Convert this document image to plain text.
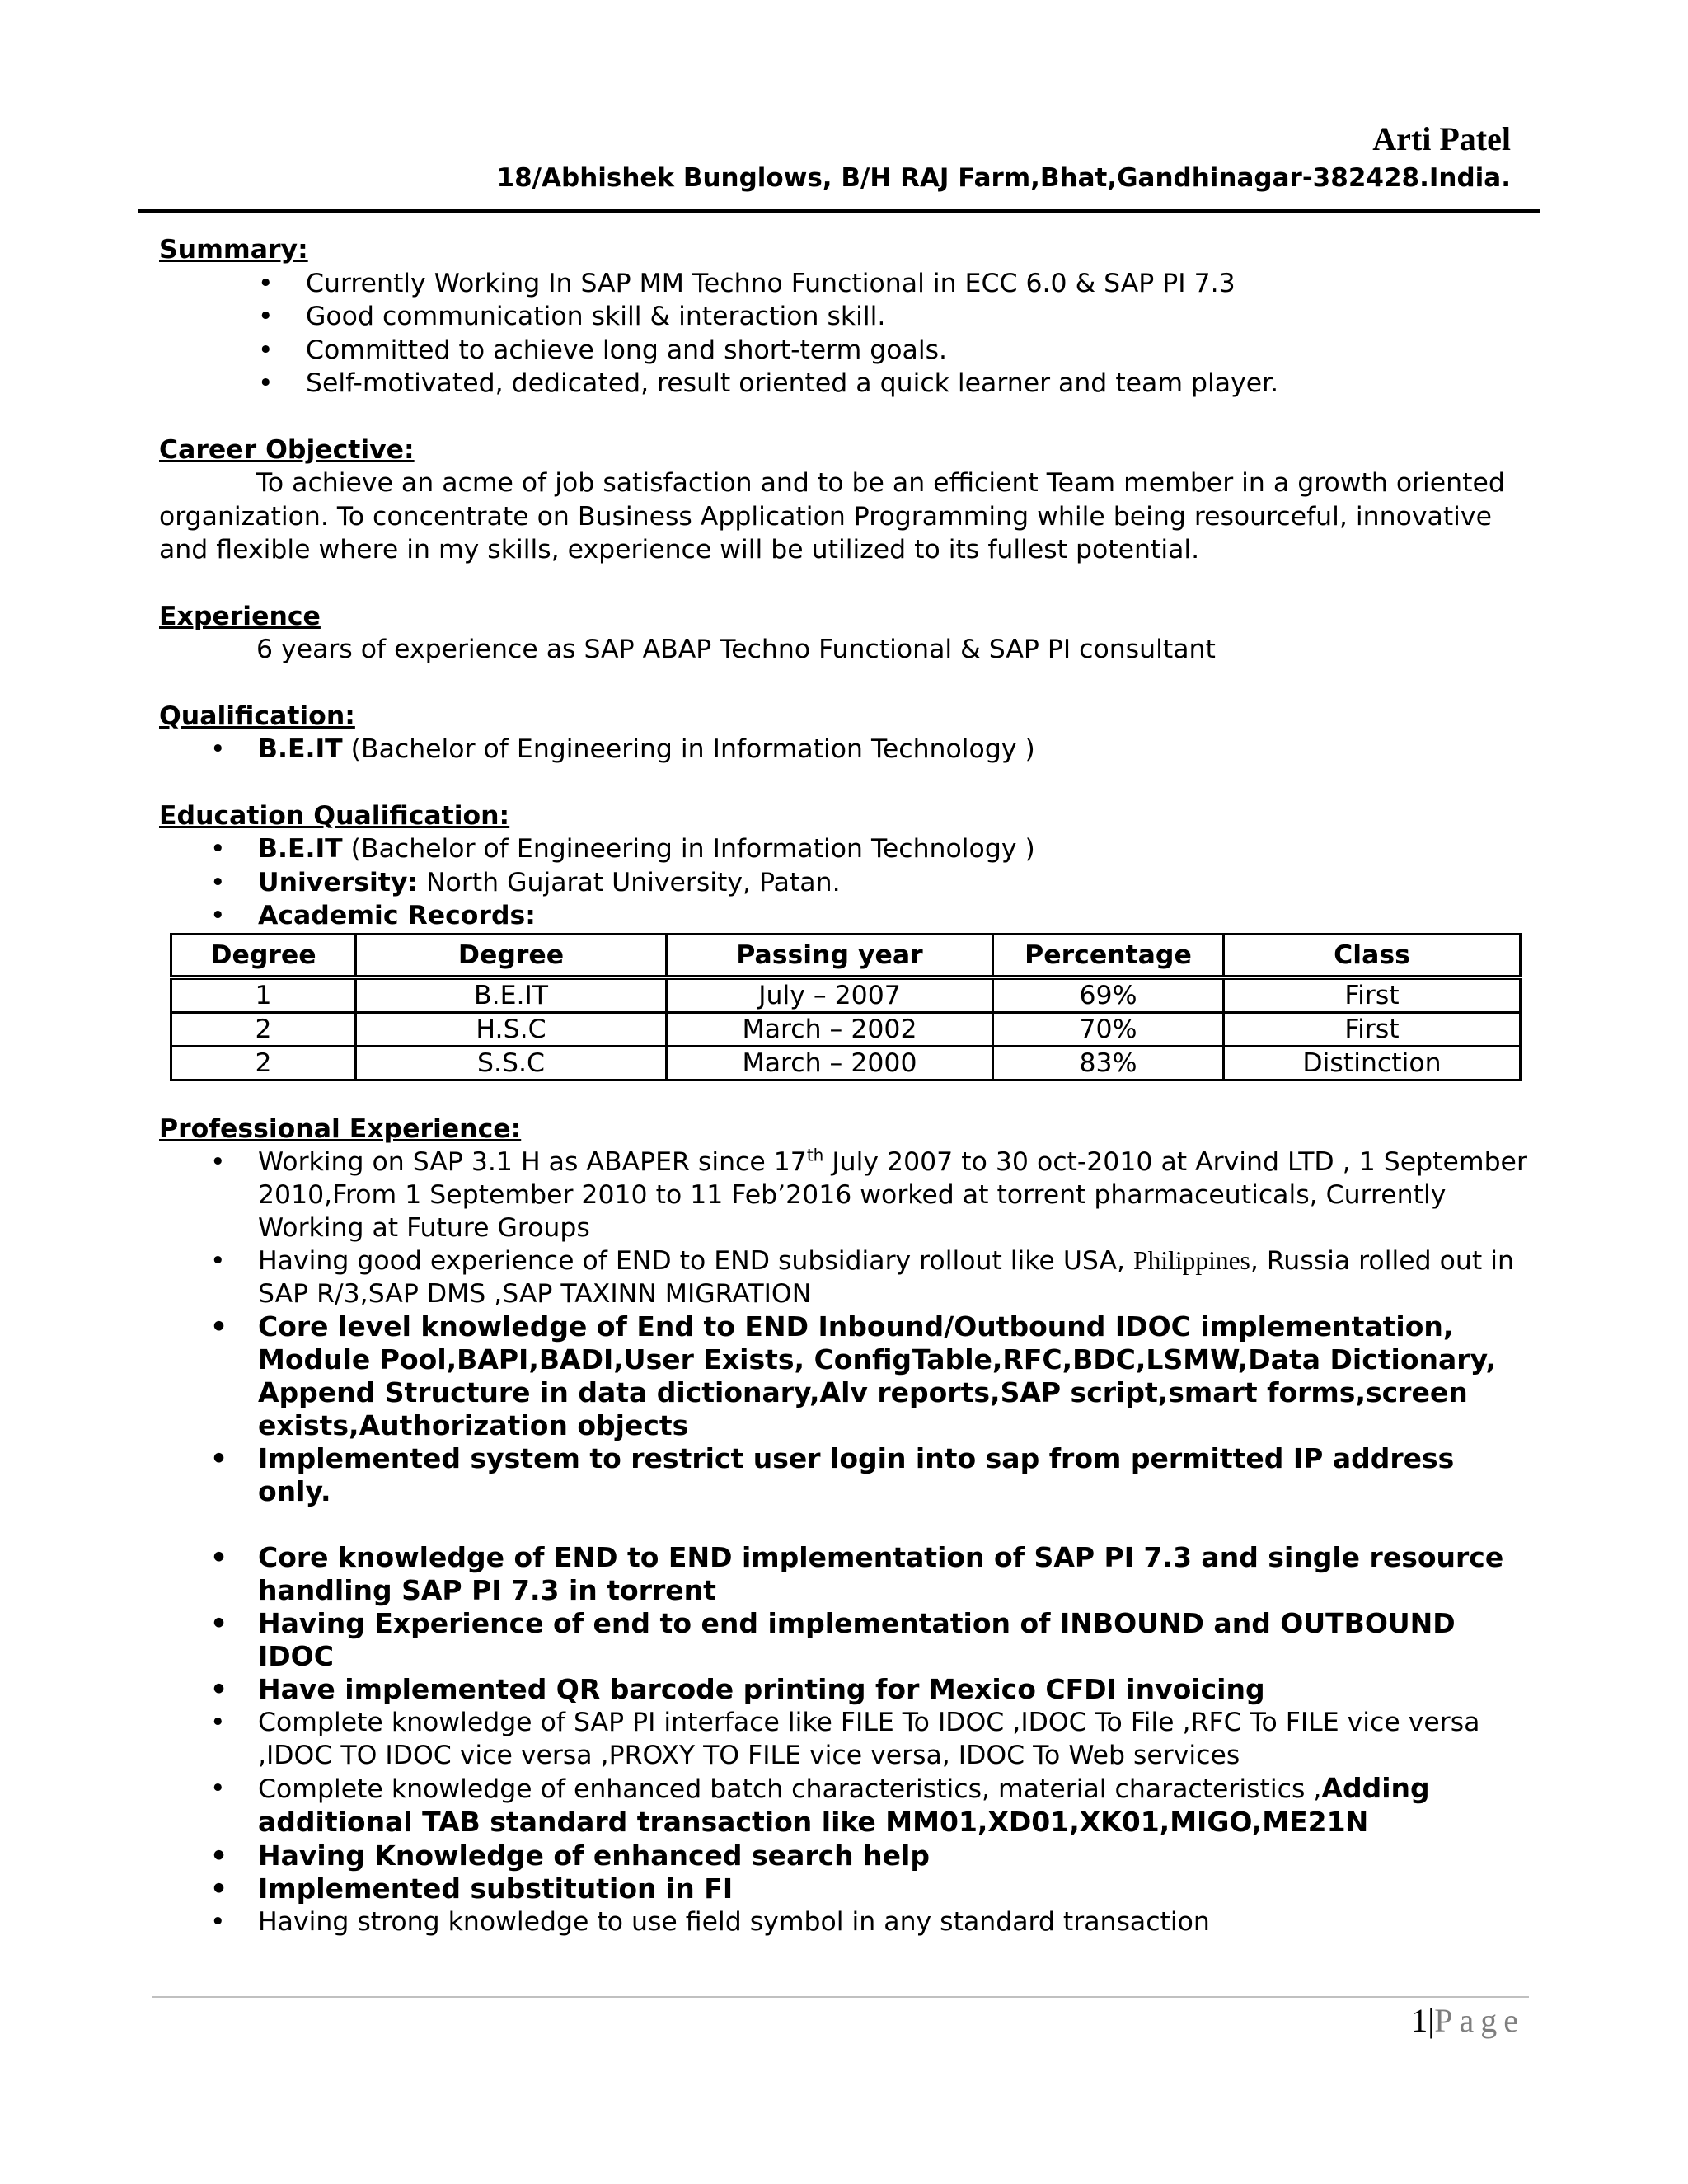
Arti Patel
18/Abhishek Bunglows, B/H RAJ Farm,Bhat,Gandhinagar-382428.India.

Summary:

• Currently Working In SAP MM Techno Functional in ECC 6.0 & SAP PI 7.3
• Good communication skill & interaction skill.
• Committed to achieve long and short-term goals.
• Self-motivated, dedicated, result oriented a quick learner and team player.

Career Objective:

To achieve an acme of job satisfaction and to be an efficient Team member in a growth oriented organization. To concentrate on Business Application Programming while being resourceful, innovative and flexible where in my skills, experience will be utilized to its fullest potential.

Experience

6 years of experience as SAP ABAP Techno Functional & SAP PI consultant

Qualification:

• B.E.IT (Bachelor of Engineering in Information Technology )

Education Qualification:

• B.E.IT (Bachelor of Engineering in Information Technology )
• University: North Gujarat University, Patan.
• Academic Records:
Degree	Degree	Passing year	Percentage	Class
1	B.E.IT	July – 2007	69%	First
2	H.S.C	March – 2002	70%	First
2	S.S.C	March – 2000	83%	Distinction

Professional Experience:

• Working on SAP 3.1 H as ABAPER since 17th July 2007 to 30 oct-2010 at Arvind LTD , 1 September 2010,From 1 September 2010 to 11 Feb’2016 worked at torrent pharmaceuticals, Currently Working at Future Groups
• Having good experience of END to END subsidiary rollout like USA, Philippines, Russia rolled out in SAP R/3,SAP DMS ,SAP TAXINN MIGRATION
• Core level knowledge of End to END Inbound/Outbound IDOC implementation, Module Pool,BAPI,BADI,User Exists, ConfigTable,RFC,BDC,LSMW,Data Dictionary, Append Structure in data dictionary,Alv reports,SAP script,smart forms,screen exists,Authorization objects
• Implemented system to restrict user login into sap from permitted IP address only.
• Core knowledge of END to END implementation of SAP PI 7.3 and single resource handling SAP PI 7.3 in torrent
• Having Experience of end to end implementation of INBOUND and OUTBOUND IDOC
• Have implemented QR barcode printing for Mexico CFDI invoicing
• Complete knowledge of SAP PI interface like FILE To IDOC ,IDOC To File ,RFC To FILE vice versa ,IDOC TO IDOC vice versa ,PROXY TO FILE vice versa, IDOC To Web services
• Complete knowledge of enhanced batch characteristics, material characteristics ,Adding additional TAB standard transaction like MM01,XD01,XK01,MIGO,ME21N
• Having Knowledge of enhanced search help
• Implemented substitution in FI
• Having strong knowledge to use field symbol in any standard transaction
1|Page
